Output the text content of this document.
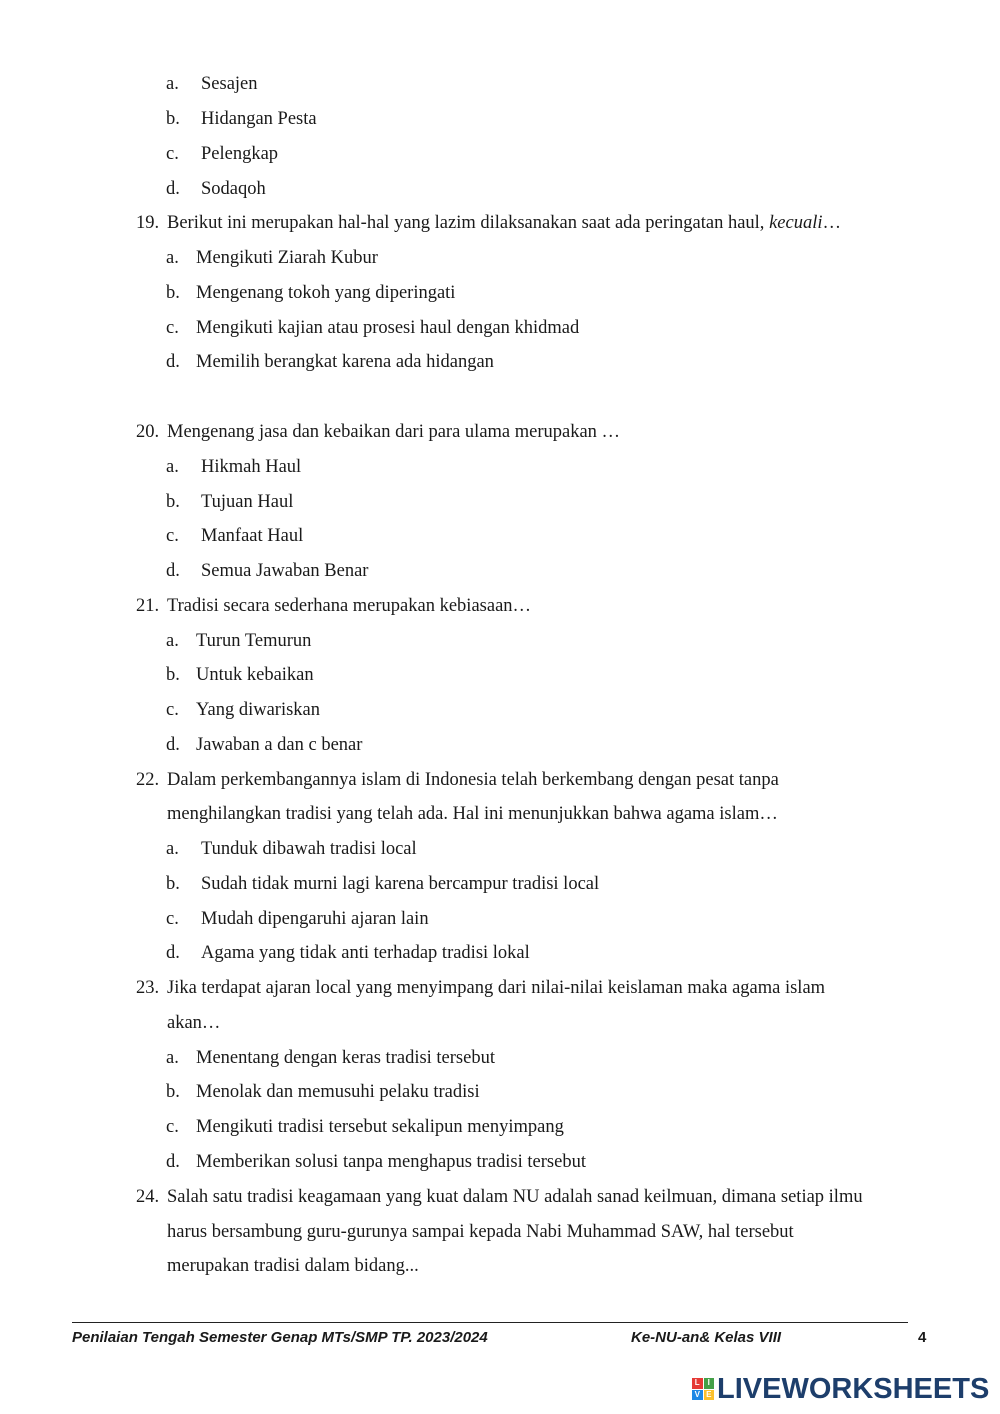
a. Sesajen
b. Hidangan Pesta
c. Pelengkap
d. Sodaqoh
19. Berikut ini merupakan hal-hal yang lazim dilaksanakan saat ada peringatan haul, kecuali…
a. Mengikuti Ziarah Kubur
b. Mengenang tokoh yang diperingati
c. Mengikuti kajian atau prosesi haul dengan khidmad
d. Memilih berangkat karena ada hidangan
20. Mengenang jasa dan kebaikan dari para ulama merupakan …
a. Hikmah Haul
b. Tujuan Haul
c. Manfaat Haul
d. Semua Jawaban Benar
21. Tradisi secara sederhana merupakan kebiasaan…
a. Turun Temurun
b. Untuk kebaikan
c. Yang diwariskan
d. Jawaban a dan c benar
22. Dalam perkembangannya islam di Indonesia telah berkembang dengan pesat tanpa
menghilangkan tradisi yang telah ada. Hal ini menunjukkan bahwa agama islam…
a. Tunduk dibawah tradisi local
b. Sudah tidak murni lagi karena bercampur tradisi local
c. Mudah dipengaruhi ajaran lain
d. Agama yang tidak anti terhadap tradisi lokal
23. Jika terdapat ajaran local yang menyimpang dari nilai-nilai keislaman maka agama islam
akan…
a. Menentang dengan keras tradisi tersebut
b. Menolak dan memusuhi pelaku tradisi
c. Mengikuti tradisi tersebut sekalipun menyimpang
d. Memberikan solusi tanpa menghapus tradisi tersebut
24. Salah satu tradisi keagamaan yang kuat dalam NU adalah sanad keilmuan, dimana setiap ilmu
harus bersambung guru-gurunya sampai kepada Nabi Muhammad SAW, hal tersebut
merupakan tradisi dalam bidang...
Penilaian Tengah Semester Genap MTs/SMP TP. 2023/2024	Ke-NU-an& Kelas VIII	4
L I
V E LIVEWORKSHEETS
